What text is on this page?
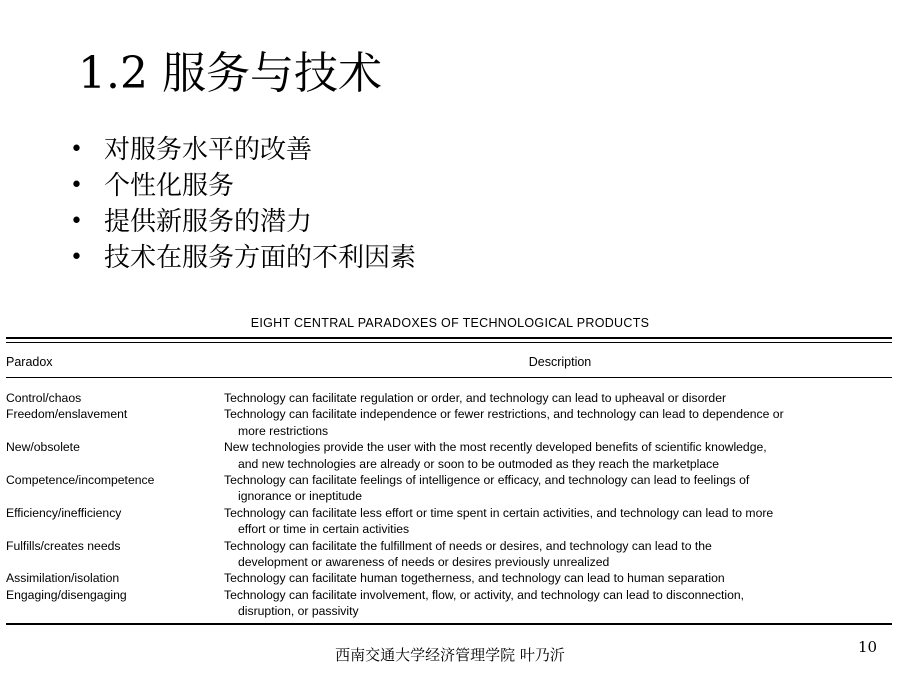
1.2 服务与技术
• 对服务水平的改善
• 个性化服务
• 提供新服务的潜力
• 技术在服务方面的不利因素
EIGHT CENTRAL PARADOXES OF TECHNOLOGICAL PRODUCTS
Paradox	Description
Control/chaos	Technology can facilitate regulation or order, and technology can lead to upheaval or disorder
Freedom/enslavement	Technology can facilitate independence or fewer restrictions, and technology can lead to dependence or
more restrictions
New/obsolete	New technologies provide the user with the most recently developed benefits of scientific knowledge,
and new technologies are already or soon to be outmoded as they reach the marketplace
Competence/incompetence	Technology can facilitate feelings of intelligence or efficacy, and technology can lead to feelings of
ignorance or ineptitude
Efficiency/inefficiency	Technology can facilitate less effort or time spent in certain activities, and technology can lead to more
effort or time in certain activities
Fulfills/creates needs	Technology can facilitate the fulfillment of needs or desires, and technology can lead to the
development or awareness of needs or desires previously unrealized
Assimilation/isolation	Technology can facilitate human togetherness, and technology can lead to human separation
Engaging/disengaging	Technology can facilitate involvement, flow, or activity, and technology can lead to disconnection,
disruption, or passivity
西南交通大学经济管理学院 叶乃沂	10
